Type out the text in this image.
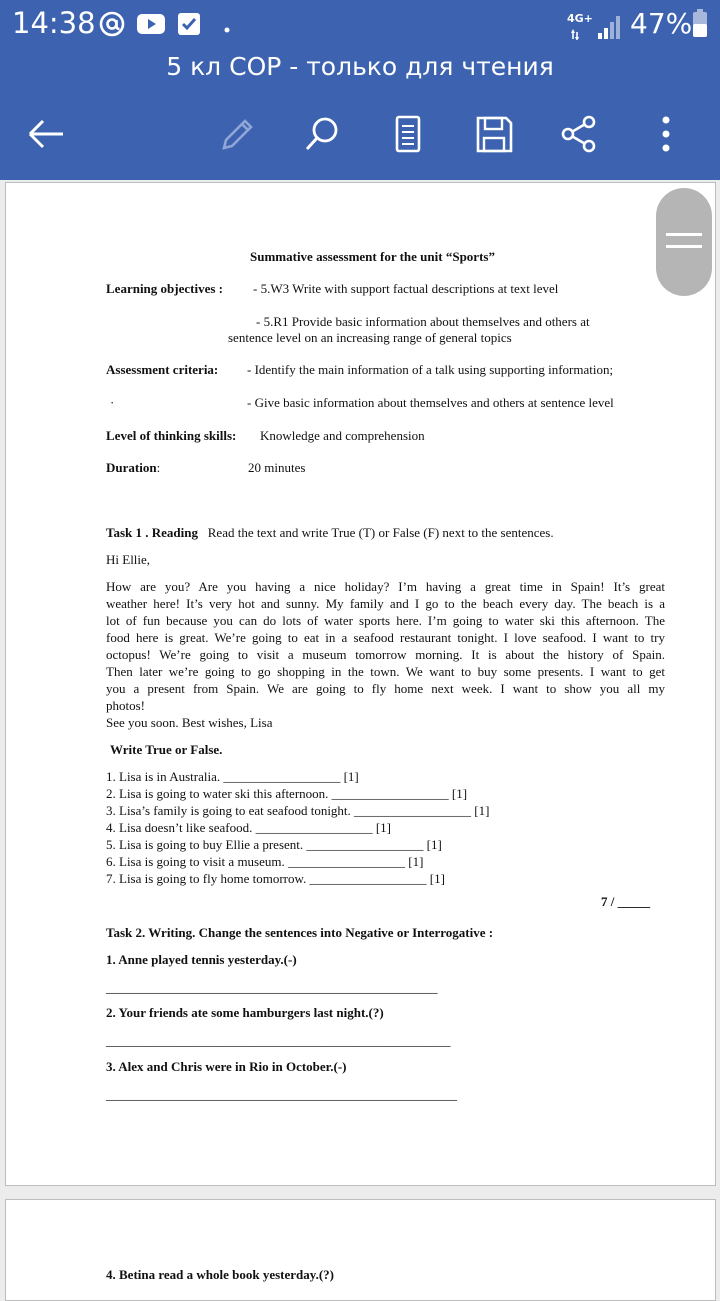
14:38	4G+ 47%
5 кл СОР - только для чтения
Summative assessment for the unit “Sports”
Learning objectives : - 5.W3 Write with support factual descriptions at text level
- 5.R1 Provide basic information about themselves and others at
sentence level on an increasing range of general topics
Assessment criteria: - Identify the main information of a talk using supporting information;
·	- Give basic information about themselves and others at sentence level
Level of thinking skills: Knowledge and comprehension
Duration:	20 minutes
Task 1 . Reading Read the text and write True (T) or False (F) next to the sentences.
Hi Ellie,
How are you? Are you having a nice holiday? I’m having a great time in Spain! It’s great
weather here! It’s very hot and sunny. My family and I go to the beach every day. The beach is a
lot of fun because you can do lots of water sports here. I’m going to water ski this afternoon. The
food here is great. We’re going to eat in a seafood restaurant tonight. I love seafood. I want to try
octopus! We’re going to visit a museum tomorrow morning. It is about the history of Spain.
Then later we’re going to go shopping in the town. We want to buy some presents. I want to get
you a present from Spain. We are going to fly home next week. I want to show you all my
photos!
See you soon. Best wishes, Lisa
Write True or False.
1. Lisa is in Australia. __________________ [1]
2. Lisa is going to water ski this afternoon. __________________ [1]
3. Lisa’s family is going to eat seafood tonight. __________________ [1]
4. Lisa doesn’t like seafood. __________________ [1]
5. Lisa is going to buy Ellie a present. __________________ [1]
6. Lisa is going to visit a museum. __________________ [1]
7. Lisa is going to fly home tomorrow. __________________ [1]
7 / _____
Task 2. Writing. Change the sentences into Negative or Interrogative :
1. Anne played tennis yesterday.(-)
___________________________________________________
2. Your friends ate some hamburgers last night.(?)
_____________________________________________________
3. Alex and Chris were in Rio in October.(-)
______________________________________________________
4. Betina read a whole book yesterday.(?)
